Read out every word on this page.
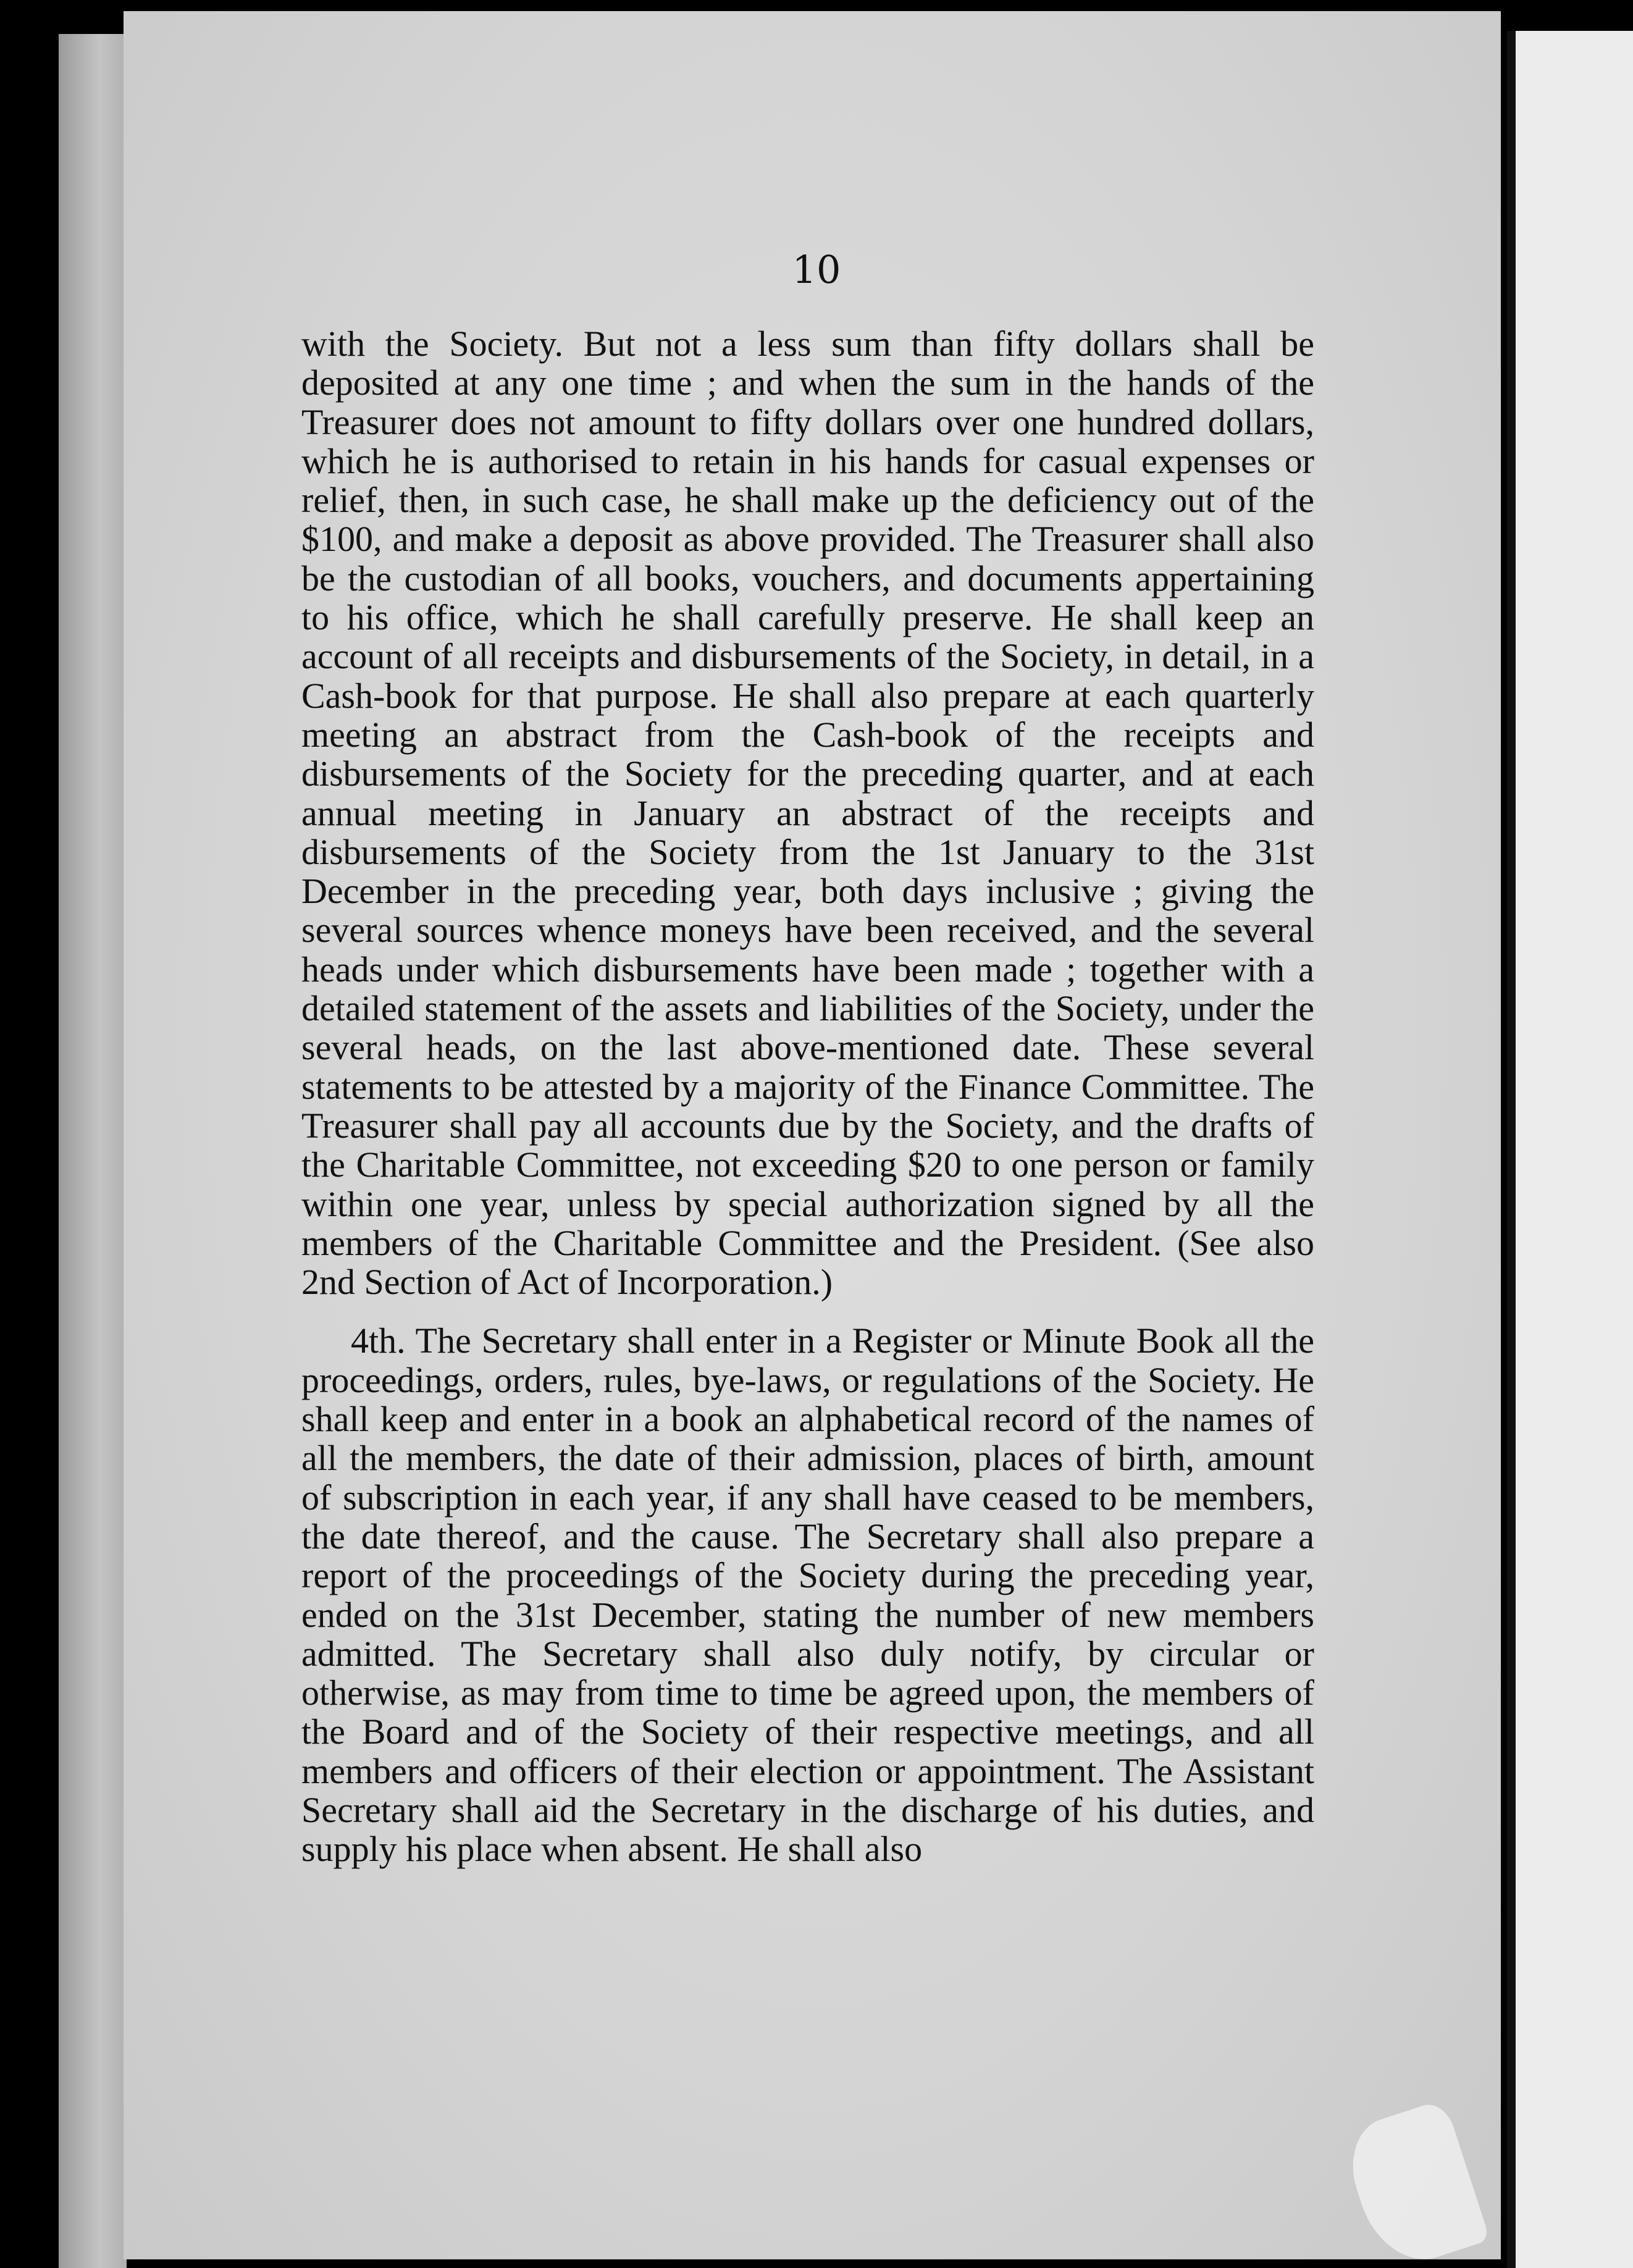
10

with the Society. But not a less sum than fifty dollars shall be deposited at any one time ; and when the sum in the hands of the Treasurer does not amount to fifty dollars over one hundred dollars, which he is authorised to retain in his hands for casual expenses or relief, then, in such case, he shall make up the deficiency out of the $100, and make a deposit as above provided. The Treasurer shall also be the custodian of all books, vouchers, and documents appertaining to his office, which he shall carefully preserve. He shall keep an account of all receipts and disbursements of the Society, in detail, in a Cash-book for that purpose. He shall also prepare at each quarterly meeting an abstract from the Cash-book of the receipts and disbursements of the Society for the preceding quarter, and at each annual meeting in January an abstract of the receipts and disbursements of the Society from the 1st January to the 31st December in the preceding year, both days inclusive ; giving the several sources whence moneys have been received, and the several heads under which disbursements have been made ; together with a detailed statement of the assets and liabilities of the Society, under the several heads, on the last above-mentioned date. These several statements to be attested by a majority of the Finance Committee. The Treasurer shall pay all accounts due by the Society, and the drafts of the Charitable Committee, not exceeding $20 to one person or family within one year, unless by special authorization signed by all the members of the Charitable Committee and the President. (See also 2nd Section of Act of Incorporation.)

4th. The Secretary shall enter in a Register or Minute Book all the proceedings, orders, rules, bye-laws, or regulations of the Society. He shall keep and enter in a book an alphabetical record of the names of all the members, the date of their admission, places of birth, amount of subscription in each year, if any shall have ceased to be members, the date thereof, and the cause. The Secretary shall also prepare a report of the proceedings of the Society during the preceding year, ended on the 31st December, stating the number of new members admitted. The Secretary shall also duly notify, by circular or otherwise, as may from time to time be agreed upon, the members of the Board and of the Society of their respective meetings, and all members and officers of their election or appointment. The Assistant Secretary shall aid the Secretary in the discharge of his duties, and supply his place when absent. He shall also
